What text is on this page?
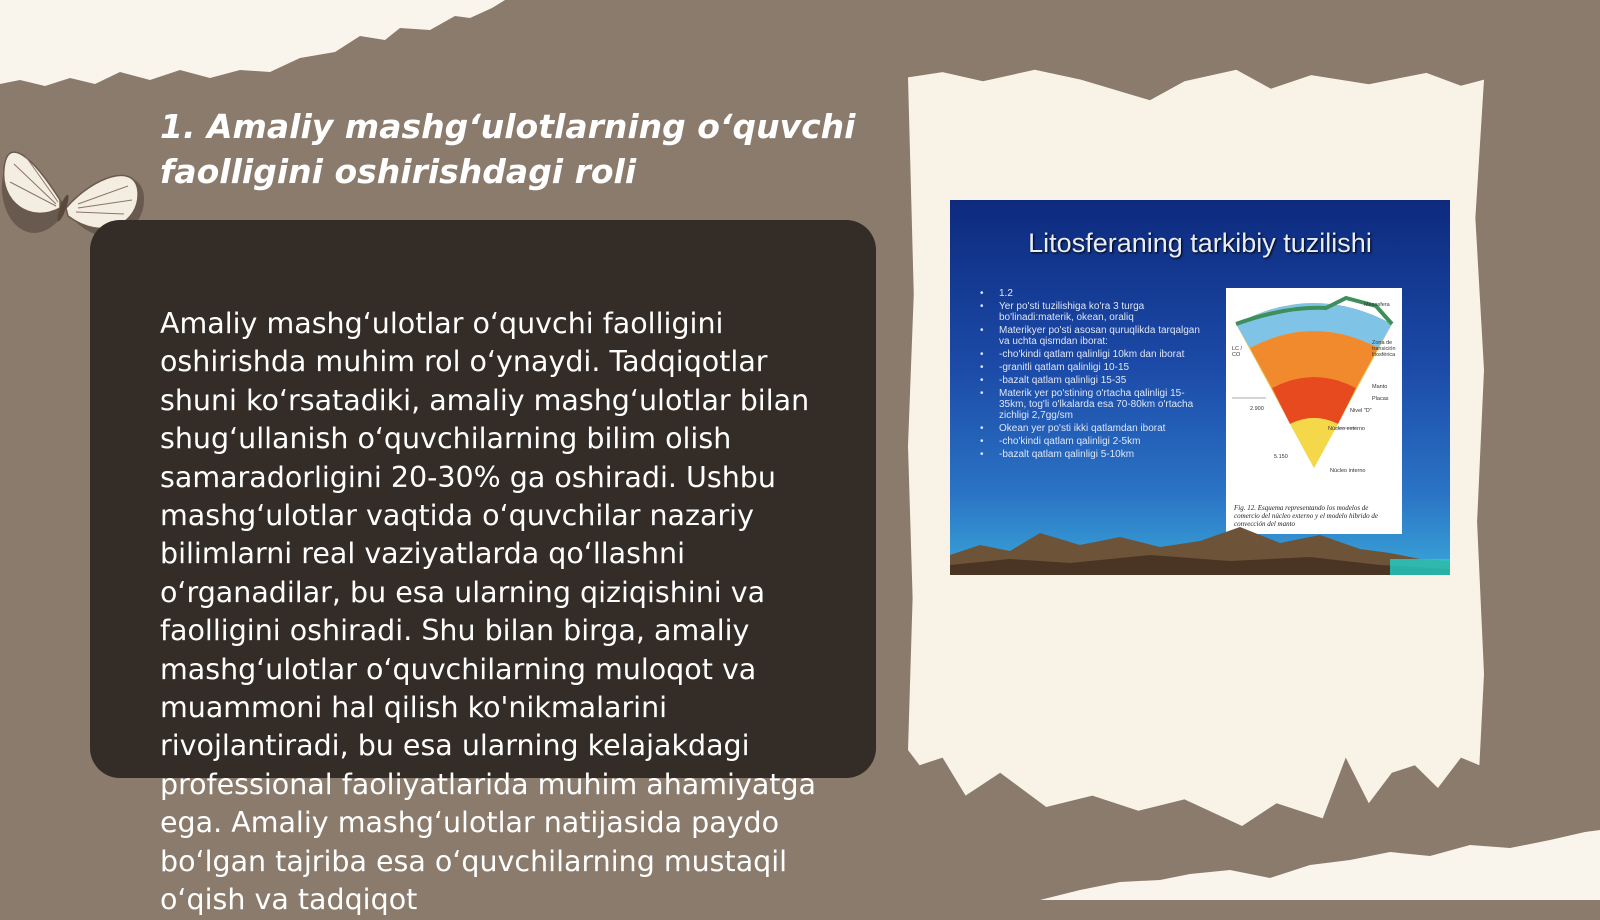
1. Amaliy mashg‘ulotlarning o‘quvchi faolligini oshirishdagi roli

Amaliy mashg‘ulotlar o‘quvchi faolligini oshirishda muhim rol o‘ynaydi. Tadqiqotlar shuni ko‘rsatadiki, amaliy mashg‘ulotlar bilan shug‘ullanish o‘quvchilarning bilim olish samaradorligini 20-30% ga oshiradi. Ushbu mashg‘ulotlar vaqtida o‘quvchilar nazariy bilimlarni real vaziyatlarda qo‘llashni o‘rganadilar, bu esa ularning qiziqishini va faolligini oshiradi. Shu bilan birga, amaliy mashg‘ulotlar o‘quvchilarning muloqot va muammoni hal qilish ko'nikmalarini rivojlantiradi, bu esa ularning kelajakdagi professional faoliyatlarida muhim ahamiyatga ega. Amaliy mashg‘ulotlar natijasida paydo bo‘lgan tajriba esa o‘quvchilarning mustaqil o‘qish va tadqiqot

Litosferaning tarkibiy tuzilishi
• 1.2
• Yer po'sti tuzilishiga ko'ra 3 turga bo'linadi:materik, okean, oraliq
• Materikyer po'sti asosan quruqlikda tarqalgan va uchta qismdan iborat:
• -cho'kindi qatlam qalinligi 10km dan iborat
• -granitli qatlam qalinligi 10-15
• -bazalt qatlam qalinligi 15-35
• Materik yer po'stining o'rtacha qalinligi 15-35km, tog'li o'lkalarda esa 70-80km o'rtacha zichligi 2,7gg/sm
• Okean yer po'sti ikki qatlamdan iborat
• -cho'kindi qatlam qalinligi 2-5km
• -bazalt qatlam qalinligi 5-10km
Mesosfera
Zona de transición litosférica
Manto
Placas
Nivel "D"
Núcleo externo
Núcleo interno
2.900
5.150
LC / CO
Fig. 12. Esquema representando los modelos de comercio del núcleo externo y el modelo hibrido de convección del manto
